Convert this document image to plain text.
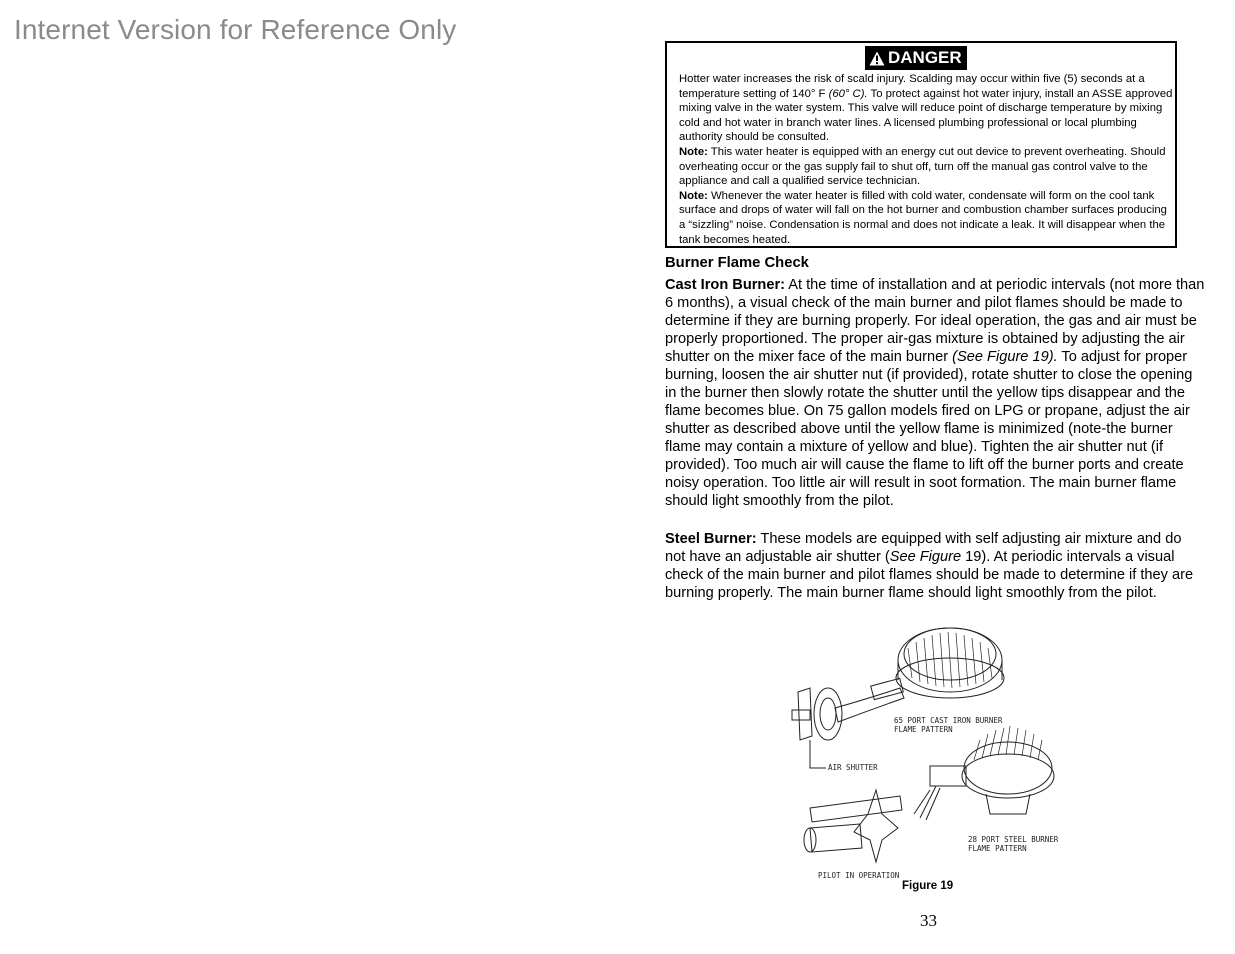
Internet Version for Reference Only
DANGER

Hotter water increases the risk of scald injury. Scalding may occur within five (5) seconds at a temperature setting of 140° F (60° C). To protect against hot water injury, install an ASSE approved mixing valve in the water system. This valve will reduce point of discharge temperature by mixing cold and hot water in branch water lines. A licensed plumbing professional or local plumbing authority should be consulted.

Note: This water heater is equipped with an energy cut out device to prevent overheating. Should overheating occur or the gas supply fail to shut off, turn off the manual gas control valve to the appliance and call a qualified service technician.

Note: Whenever the water heater is filled with cold water, condensate will form on the cool tank surface and drops of water will fall on the hot burner and combustion chamber surfaces producing a “sizzling” noise. Condensation is normal and does not indicate a leak. It will disappear when the tank becomes heated.

Burner Flame Check

Cast Iron Burner: At the time of installation and at periodic intervals (not more than 6 months), a visual check of the main burner and pilot flames should be made to determine if they are burning properly. For ideal operation, the gas and air must be properly proportioned. The proper air-gas mixture is obtained by adjusting the air shutter on the mixer face of the main burner (See Figure 19). To adjust for proper burning, loosen the air shutter nut (if provided), rotate shutter to close the opening in the burner then slowly rotate the shutter until the yellow tips disappear and the flame becomes blue. On 75 gallon models fired on LPG or propane, adjust the air shutter as described above until the yellow flame is minimized (note-the burner flame may contain a mixture of yellow and blue). Tighten the air shutter nut (if provided). Too much air will cause the flame to lift off the burner ports and create noisy operation. Too little air will result in soot formation. The main burner flame should light smoothly from the pilot.

Steel Burner: These models are equipped with self adjusting air mixture and do not have an adjustable air shutter (See Figure 19). At periodic intervals a visual check of the main burner and pilot flames should be made to determine if they are burning properly. The main burner flame should light smoothly from the pilot.

65 PORT CAST IRON BURNER
FLAME PATTERN
AIR SHUTTER
28 PORT STEEL BURNER
FLAME PATTERN
PILOT IN OPERATION
Figure 19
33
